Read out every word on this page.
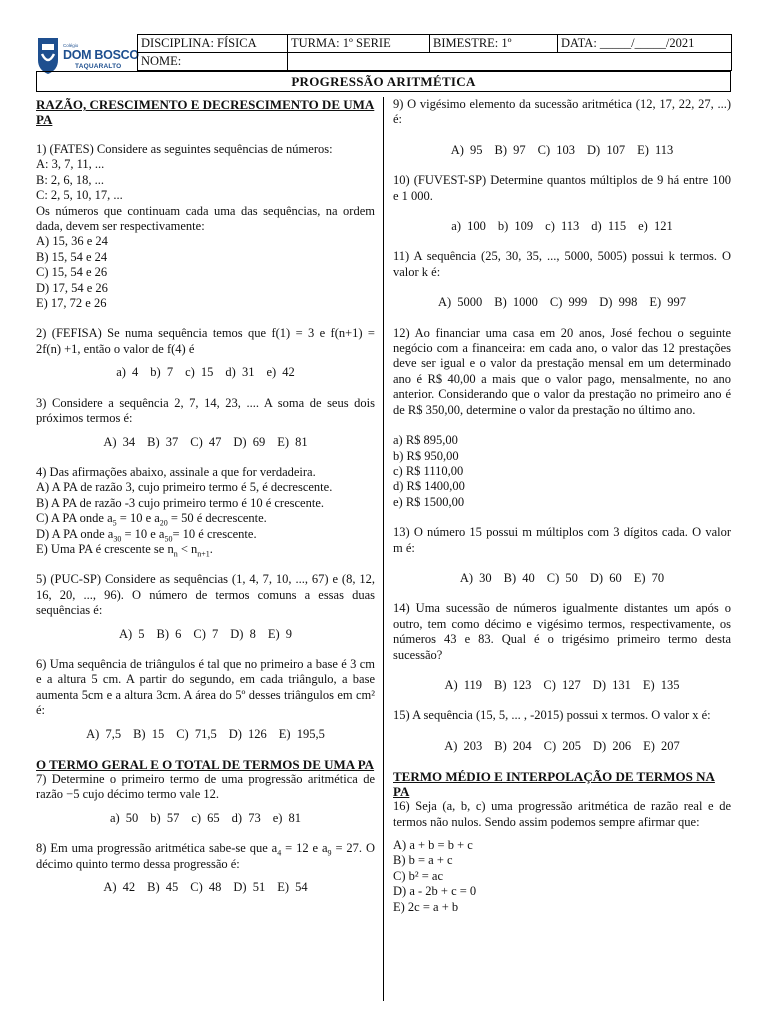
Colégio
DOM BOSCO
TAQUARALTO
DISCIPLINA: FÍSICA	TURMA: 1º SERIE	BIMESTRE: 1º	DATA: _____/_____/2021
NOME:			
PROGRESSÃO ARITMÉTICA

RAZÃO, CRESCIMENTO E DECRESCIMENTO DE UMA PA

1) (FATES) Considere as seguintes sequências de números:

A: 3, 7, 11, ...

B: 2, 6, 18, ...

C: 2, 5, 10, 17, ...

Os números que continuam cada uma das sequências, na ordem dada, devem ser respectivamente:

A) 15, 36 e 24

B) 15, 54 e 24

C) 15, 54 e 26

D) 17, 54 e 26

E) 17, 72 e 26

2) (FEFISA) Se numa sequência temos que f(1) = 3 e f(n+1) = 2f(n) +1, então o valor de f(4) é

a) 4 b) 7 c) 15 d) 31 e) 42

3) Considere a sequência 2, 7, 14, 23, .... A soma de seus dois próximos termos é:

A) 34 B) 37 C) 47 D) 69 E) 81

4) Das afirmações abaixo, assinale a que for verdadeira.

A) A PA de razão 3, cujo primeiro termo é 5, é decrescente.

B) A PA de razão -3 cujo primeiro termo é 10 é crescente.

C) A PA onde $a_5 = 10$ e $a_{20} = 50$ é decrescente.

D) A PA onde $a_{30} = 10$ e $a_{50}= 10$ é crescente.

E) Uma PA é crescente se $n_n < n_{n+1}$.

5) (PUC-SP) Considere as sequências (1, 4, 7, 10, ..., 67) e (8, 12, 16, 20, ..., 96). O número de termos comuns a essas duas sequências é:

A) 5 B) 6 C) 7 D) 8 E) 9

6) Uma sequência de triângulos é tal que no primeiro a base é 3 cm e a altura 5 cm. A partir do segundo, em cada triângulo, a base aumenta 5cm e a altura 3cm. A área do 5º desses triângulos em cm² é:

A) 7,5 B) 15 C) 71,5 D) 126 E) 195,5

O TERMO GERAL E O TOTAL DE TERMOS DE UMA PA

7) Determine o primeiro termo de uma progressão aritmética de razão −5 cujo décimo termo vale 12.

a) 50 b) 57 c) 65 d) 73 e) 81

8) Em uma progressão aritmética sabe-se que $a_4 = 12$ e $a_9 = 27$. O décimo quinto termo dessa progressão é:

A) 42 B) 45 C) 48 D) 51 E) 54

9) O vigésimo elemento da sucessão aritmética (12, 17, 22, 27, ...) é:

A) 95 B) 97 C) 103 D) 107 E) 113

10) (FUVEST-SP) Determine quantos múltiplos de 9 há entre 100 e 1 000.

a) 100 b) 109 c) 113 d) 115 e) 121

11) A sequência (25, 30, 35, ..., 5000, 5005) possui k termos. O valor k é:

A) 5000 B) 1000 C) 999 D) 998 E) 997

12) Ao financiar uma casa em 20 anos, José fechou o seguinte negócio com a financeira: em cada ano, o valor das 12 prestações deve ser igual e o valor da prestação mensal em um determinado ano é R$ 40,00 a mais que o valor pago, mensalmente, no ano anterior. Considerando que o valor da prestação no primeiro ano é de R$ 350,00, determine o valor da prestação no último ano.

a) R$ 895,00

b) R$ 950,00

c) R$ 1110,00

d) R$ 1400,00

e) R$ 1500,00

13) O número 15 possui m múltiplos com 3 dígitos cada. O valor m é:

A) 30 B) 40 C) 50 D) 60 E) 70

14) Uma sucessão de números igualmente distantes um após o outro, tem como décimo e vigésimo termos, respectivamente, os números 43 e 83. Qual é o trigésimo primeiro termo desta sucessão?

A) 119 B) 123 C) 127 D) 131 E) 135

15) A sequência (15, 5, ... , -2015) possui x termos. O valor x é:

A) 203 B) 204 C) 205 D) 206 E) 207

TERMO MÉDIO E INTERPOLAÇÃO DE TERMOS NA PA

16) Seja (a, b, c) uma progressão aritmética de razão real e de termos não nulos. Sendo assim podemos sempre afirmar que:

A) a + b = b + c

B) b = a + c

C) b² = ac

D) a - 2b + c = 0

E) 2c = a + b
